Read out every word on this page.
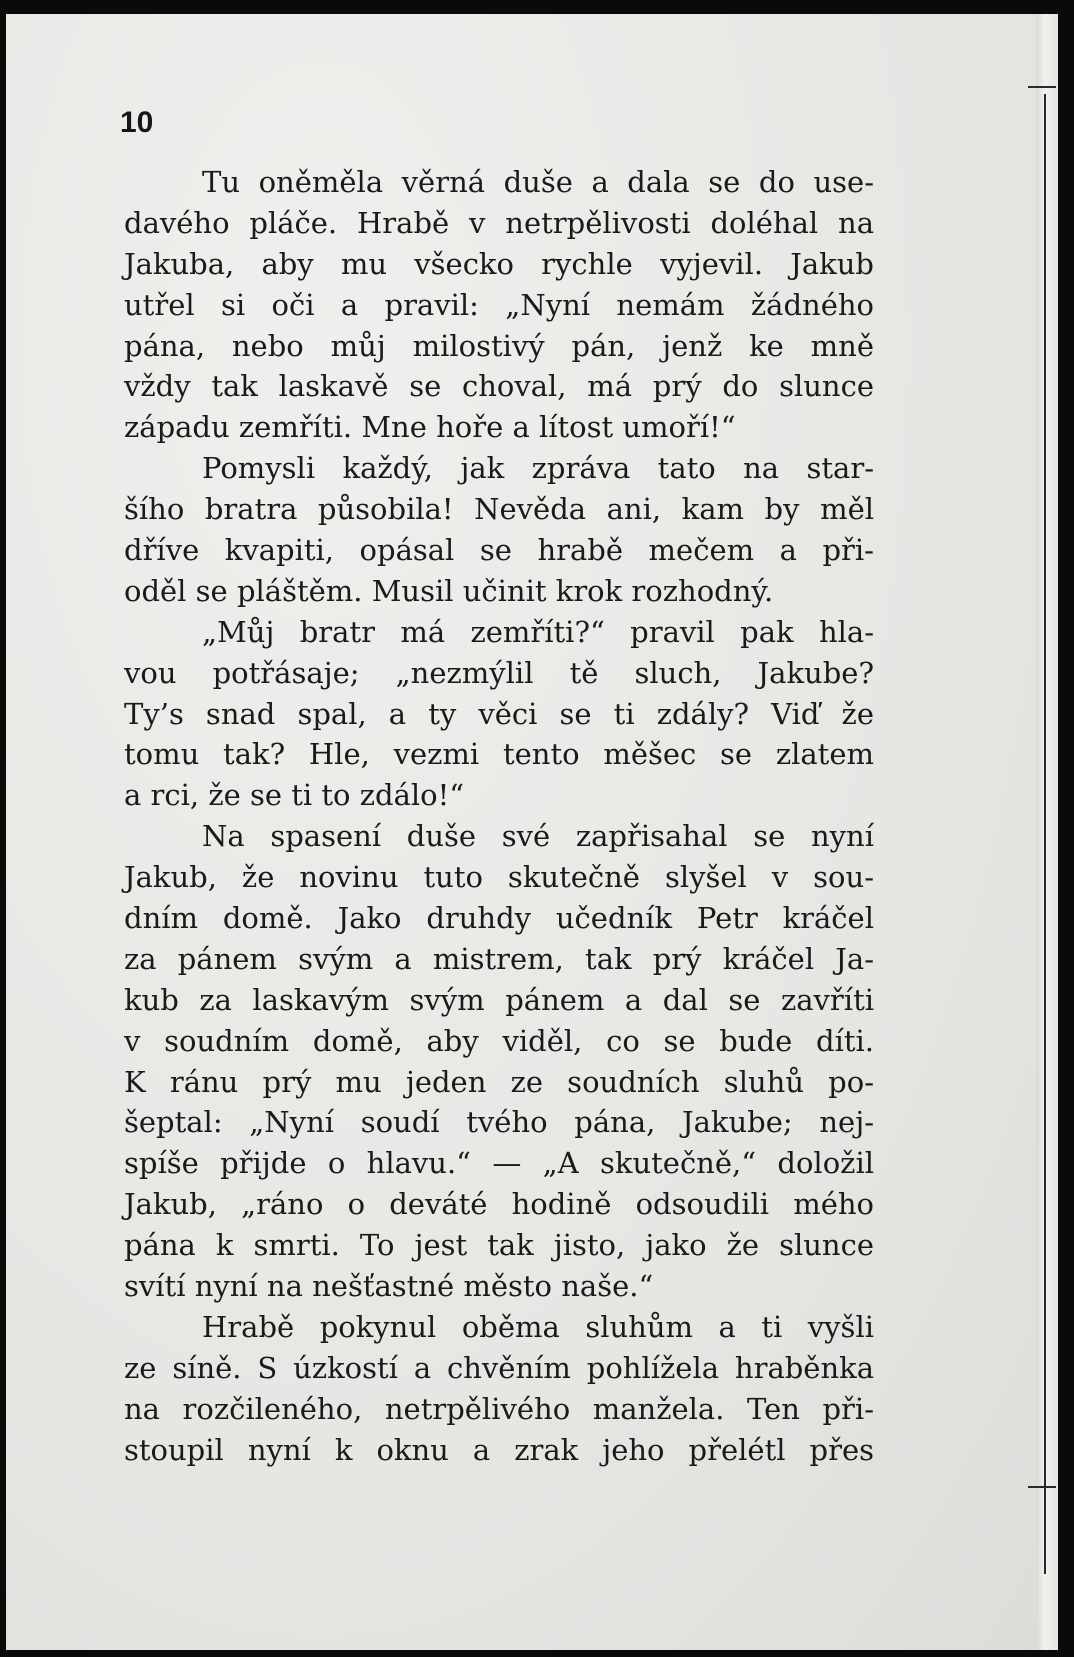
10
Tu oněměla věrná duše a dala se do use-
davého pláče. Hrabě v netrpělivosti doléhal na
Jakuba, aby mu všecko rychle vyjevil. Jakub
utřel si oči a pravil: „Nyní nemám žádného
pána, nebo můj milostivý pán, jenž ke mně
vždy tak laskavě se choval, má prý do slunce
západu zemříti. Mne hoře a lítost umoří!“
Pomysli každý, jak zpráva tato na star-
šího bratra působila! Nevěda ani, kam by měl
dříve kvapiti, opásal se hrabě mečem a při-
oděl se pláštěm. Musil učinit krok rozhodný.
„Můj bratr má zemříti?“ pravil pak hla-
vou potřásaje; „nezmýlil tě sluch, Jakube?
Ty’s snad spal, a ty věci se ti zdály? Viď že
tomu tak? Hle, vezmi tento měšec se zlatem
a rci, že se ti to zdálo!“
Na spasení duše své zapřisahal se nyní
Jakub, že novinu tuto skutečně slyšel v sou-
dním domě. Jako druhdy učedník Petr kráčel
za pánem svým a mistrem, tak prý kráčel Ja-
kub za laskavým svým pánem a dal se zavříti
v soudním domě, aby viděl, co se bude díti.
K ránu prý mu jeden ze soudních sluhů po-
šeptal: „Nyní soudí tvého pána, Jakube; nej-
spíše přijde o hlavu.“ — „A skutečně,“ doložil
Jakub, „ráno o deváté hodině odsoudili mého
pána k smrti. To jest tak jisto, jako že slunce
svítí nyní na nešťastné město naše.“
Hrabě pokynul oběma sluhům a ti vyšli
ze síně. S úzkostí a chvěním pohlížela hraběnka
na rozčileného, netrpělivého manžela. Ten při-
stoupil nyní k oknu a zrak jeho přelétl přes
